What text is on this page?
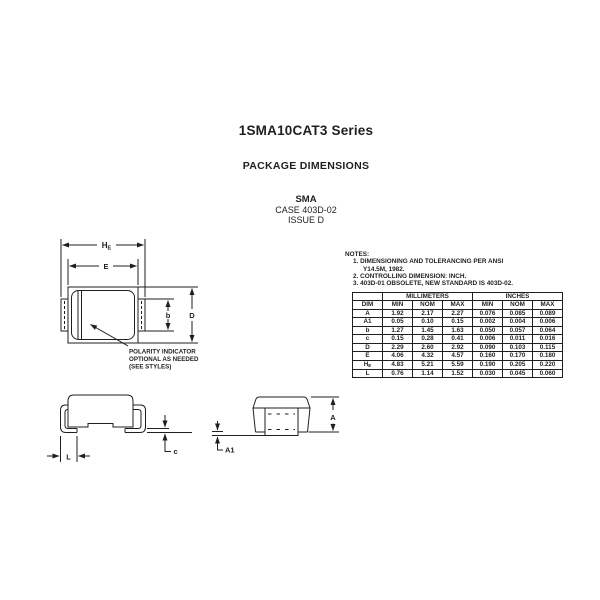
1SMA10CAT3 Series
PACKAGE DIMENSIONS
SMA
CASE 403D-02
ISSUE D
NOTES:
1. DIMENSIONING AND TOLERANCING PER ANSI
Y14.5M, 1982.
2. CONTROLLING DIMENSION: INCH.
3. 403D-01 OBSOLETE, NEW STANDARD IS 403D-02.
	MILLIMETERS			INCHES		
DIM	MIN	NOM	MAX	MIN	NOM	MAX
A	1.92	2.17	2.27	0.076	0.085	0.089
A1	0.05	0.10	0.15	0.002	0.004	0.006
b	1.27	1.45	1.63	0.050	0.057	0.064
c	0.15	0.28	0.41	0.006	0.011	0.016
D	2.29	2.60	2.92	0.090	0.103	0.115
E	4.06	4.32	4.57	0.160	0.170	0.180
$H_E$	4.83	5.21	5.59	0.190	0.205	0.220
L	0.76	1.14	1.52	0.030	0.045	0.060
HE
E
b	D
POLARITY INDICATOR
OPTIONAL AS NEEDED
(SEE STYLES)
c
L
A
A1
